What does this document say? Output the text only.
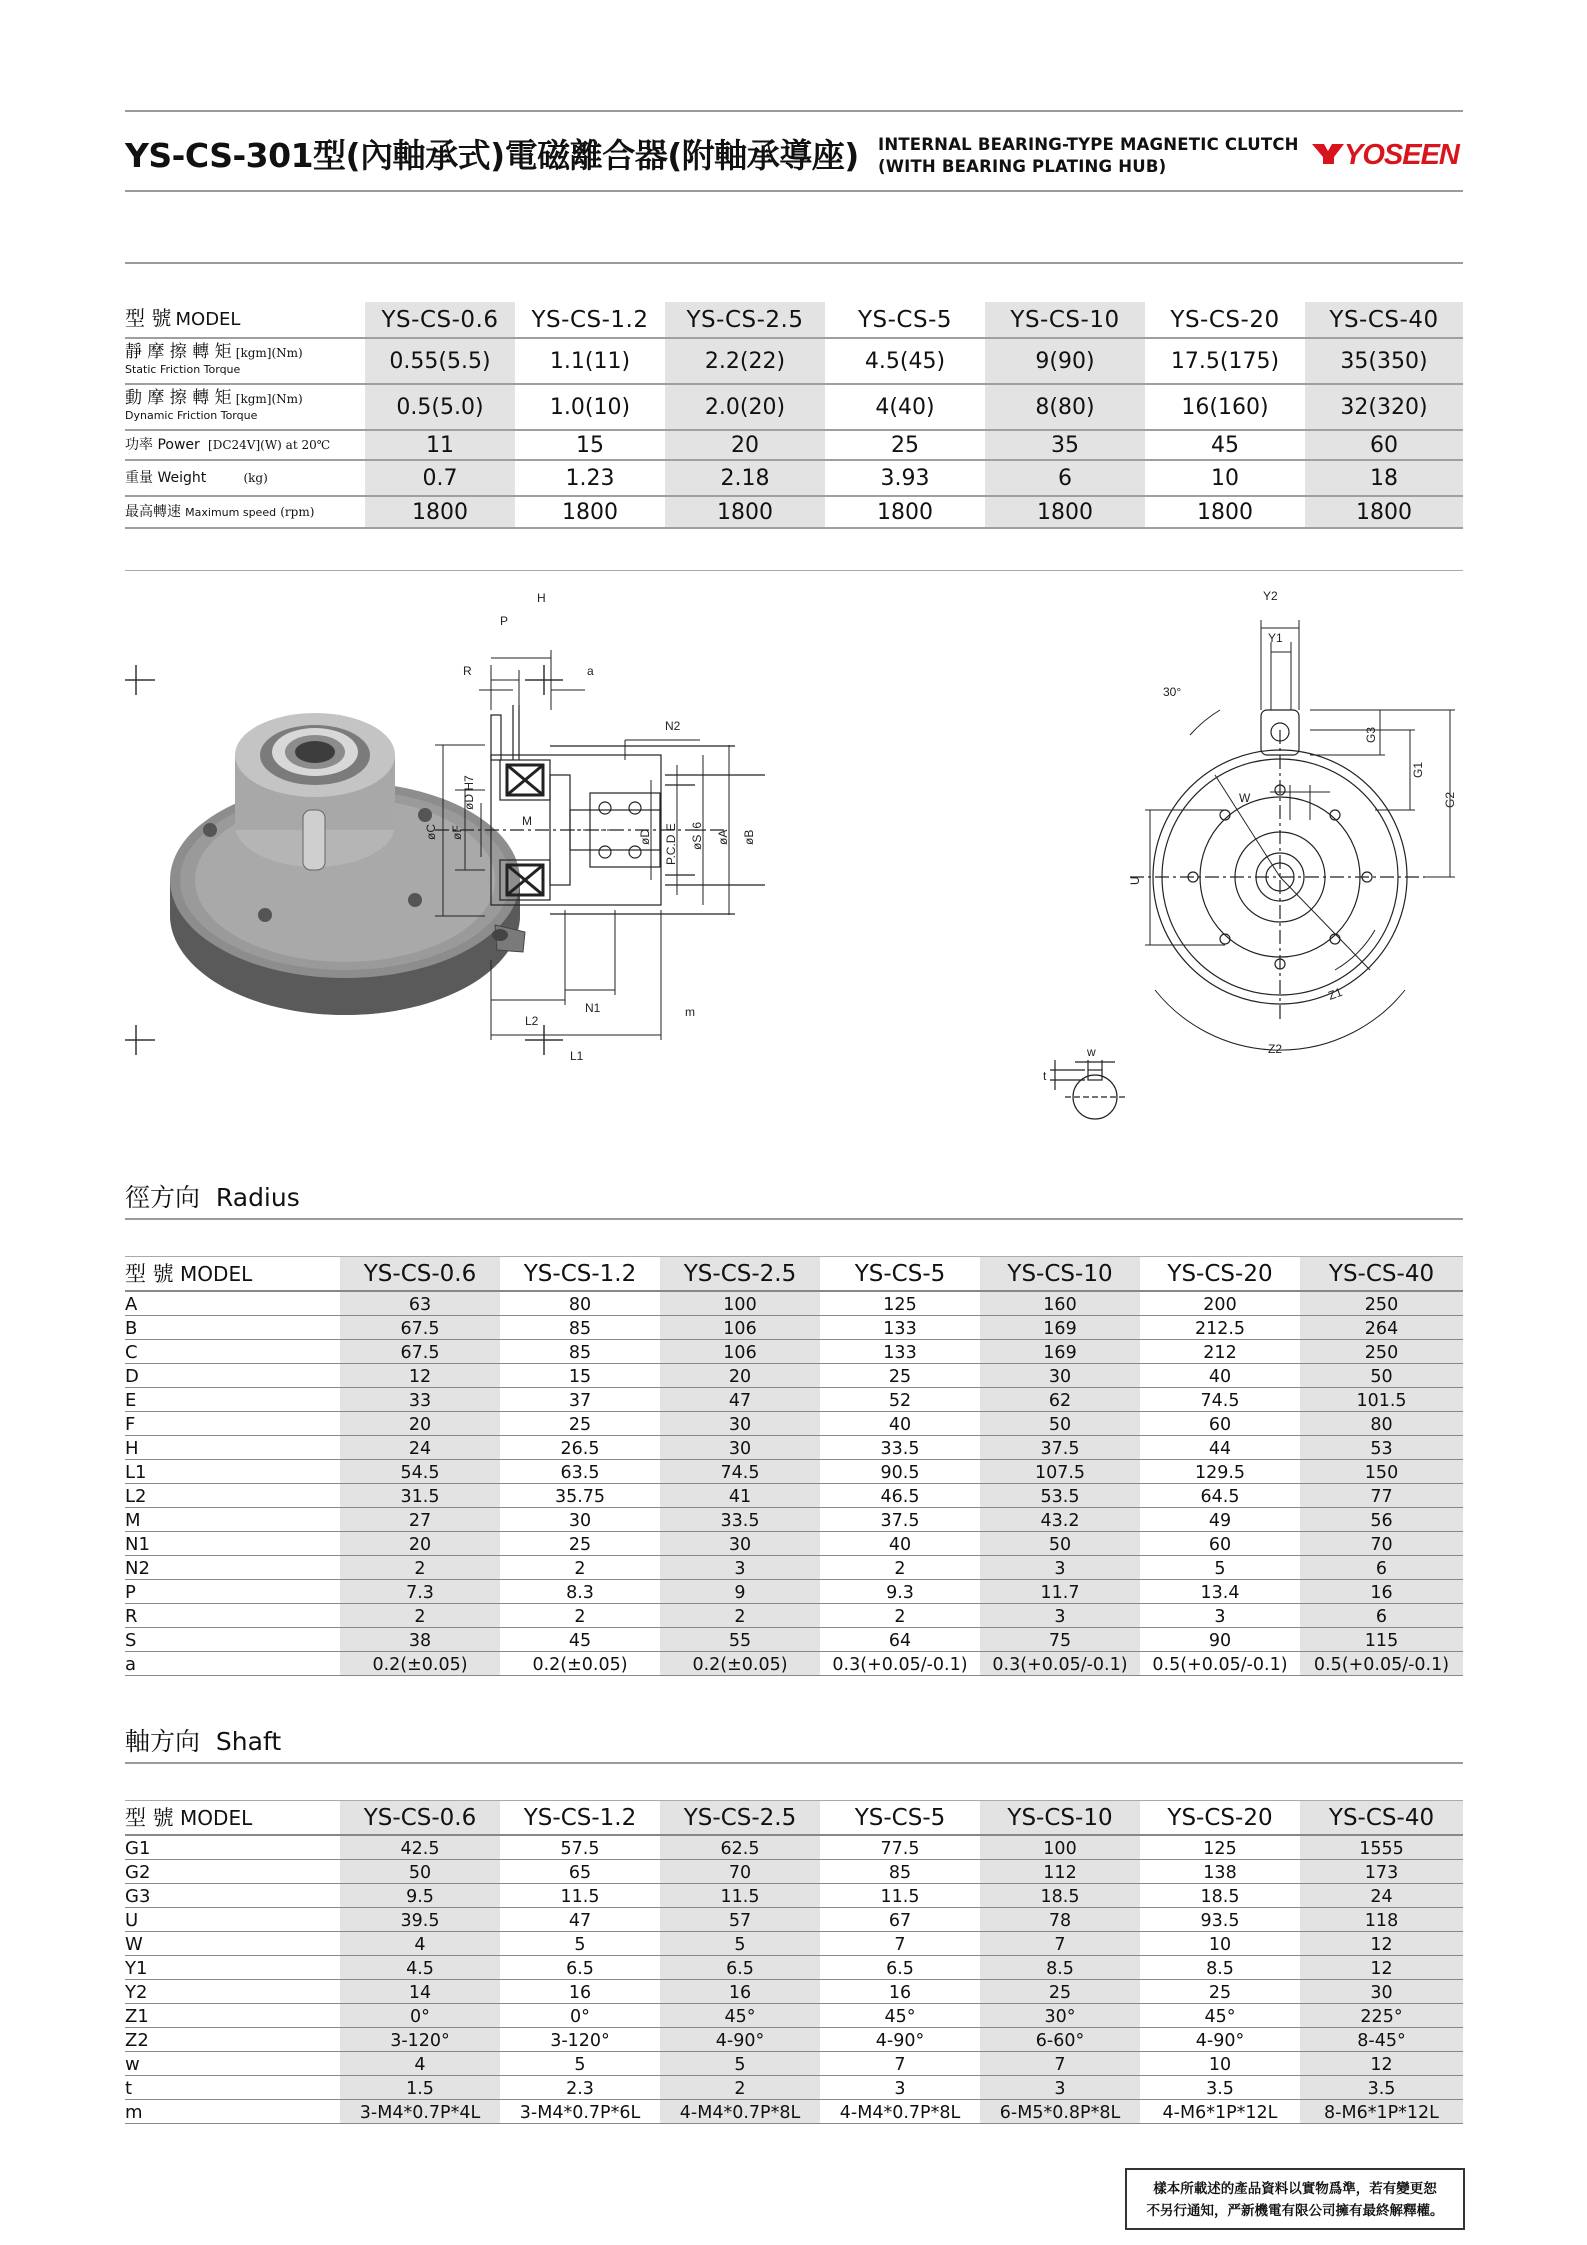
YS-CS-301型(內軸承式)電磁離合器(附軸承導座) INTERNAL BEARING-TYPE MAGNETIC CLUTCH
(WITH BEARING PLATING HUB)	YOSEEN
型 號 MODEL	YS-CS-0.6	YS-CS-1.2	YS-CS-2.5	YS-CS-5	YS-CS-10	YS-CS-20	YS-CS-40
靜 摩 擦 轉 矩 [kgm](Nm)
Static Friction Torque	0.55(5.5)	1.1(11)	2.2(22)	4.5(45)	9(90)	17.5(175)	35(350)
動 摩 擦 轉 矩 [kgm](Nm)
Dynamic Friction Torque	0.5(5.0)	1.0(10)	2.0(20)	4(40)	8(80)	16(160)	32(320)
功率 Power [DC24V](W) at 20℃	11	15	20	25	35	45	60
重量 Weight (kg)	0.7	1.23	2.18	3.93	6	10	18
最高轉速 Maximum speed (rpm)	1800	1800	1800	1800	1800	1800	1800
H
P
R	a
N2
N1	m
L1
L2
M
øC øF
øD H7
øD P.C.D E øS j6 øA øB
Y2
Y1
30°
G3
G1
G2
U
W
Z1
Z2
w
t
徑方向 Radius
型 號 MODEL	YS-CS-0.6	YS-CS-1.2	YS-CS-2.5	YS-CS-5	YS-CS-10	YS-CS-20	YS-CS-40
A	63	80	100	125	160	200	250
B	67.5	85	106	133	169	212.5	264
C	67.5	85	106	133	169	212	250
D	12	15	20	25	30	40	50
E	33	37	47	52	62	74.5	101.5
F	20	25	30	40	50	60	80
H	24	26.5	30	33.5	37.5	44	53
L1	54.5	63.5	74.5	90.5	107.5	129.5	150
L2	31.5	35.75	41	46.5	53.5	64.5	77
M	27	30	33.5	37.5	43.2	49	56
N1	20	25	30	40	50	60	70
N2	2	2	3	2	3	5	6
P	7.3	8.3	9	9.3	11.7	13.4	16
R	2	2	2	2	3	3	6
S	38	45	55	64	75	90	115
a	0.2(±0.05)	0.2(±0.05)	0.2(±0.05)	0.3(+0.05/-0.1)	0.3(+0.05/-0.1)	0.5(+0.05/-0.1)	0.5(+0.05/-0.1)
軸方向 Shaft
型 號 MODEL	YS-CS-0.6	YS-CS-1.2	YS-CS-2.5	YS-CS-5	YS-CS-10	YS-CS-20	YS-CS-40
G1	42.5	57.5	62.5	77.5	100	125	1555
G2	50	65	70	85	112	138	173
G3	9.5	11.5	11.5	11.5	18.5	18.5	24
U	39.5	47	57	67	78	93.5	118
W	4	5	5	7	7	10	12
Y1	4.5	6.5	6.5	6.5	8.5	8.5	12
Y2	14	16	16	16	25	25	30
Z1	0°	0°	45°	45°	30°	45°	225°
Z2	3-120°	3-120°	4-90°	4-90°	6-60°	4-90°	8-45°
w	4	5	5	7	7	10	12
t	1.5	2.3	2	3	3	3.5	3.5
m	3-M4*0.7P*4L	3-M4*0.7P*6L	4-M4*0.7P*8L	4-M4*0.7P*8L	6-M5*0.8P*8L	4-M6*1P*12L	8-M6*1P*12L
樣本所載述的產品資料以實物爲準，若有變更恕
不另行通知，严新機電有限公司擁有最終解釋權。
